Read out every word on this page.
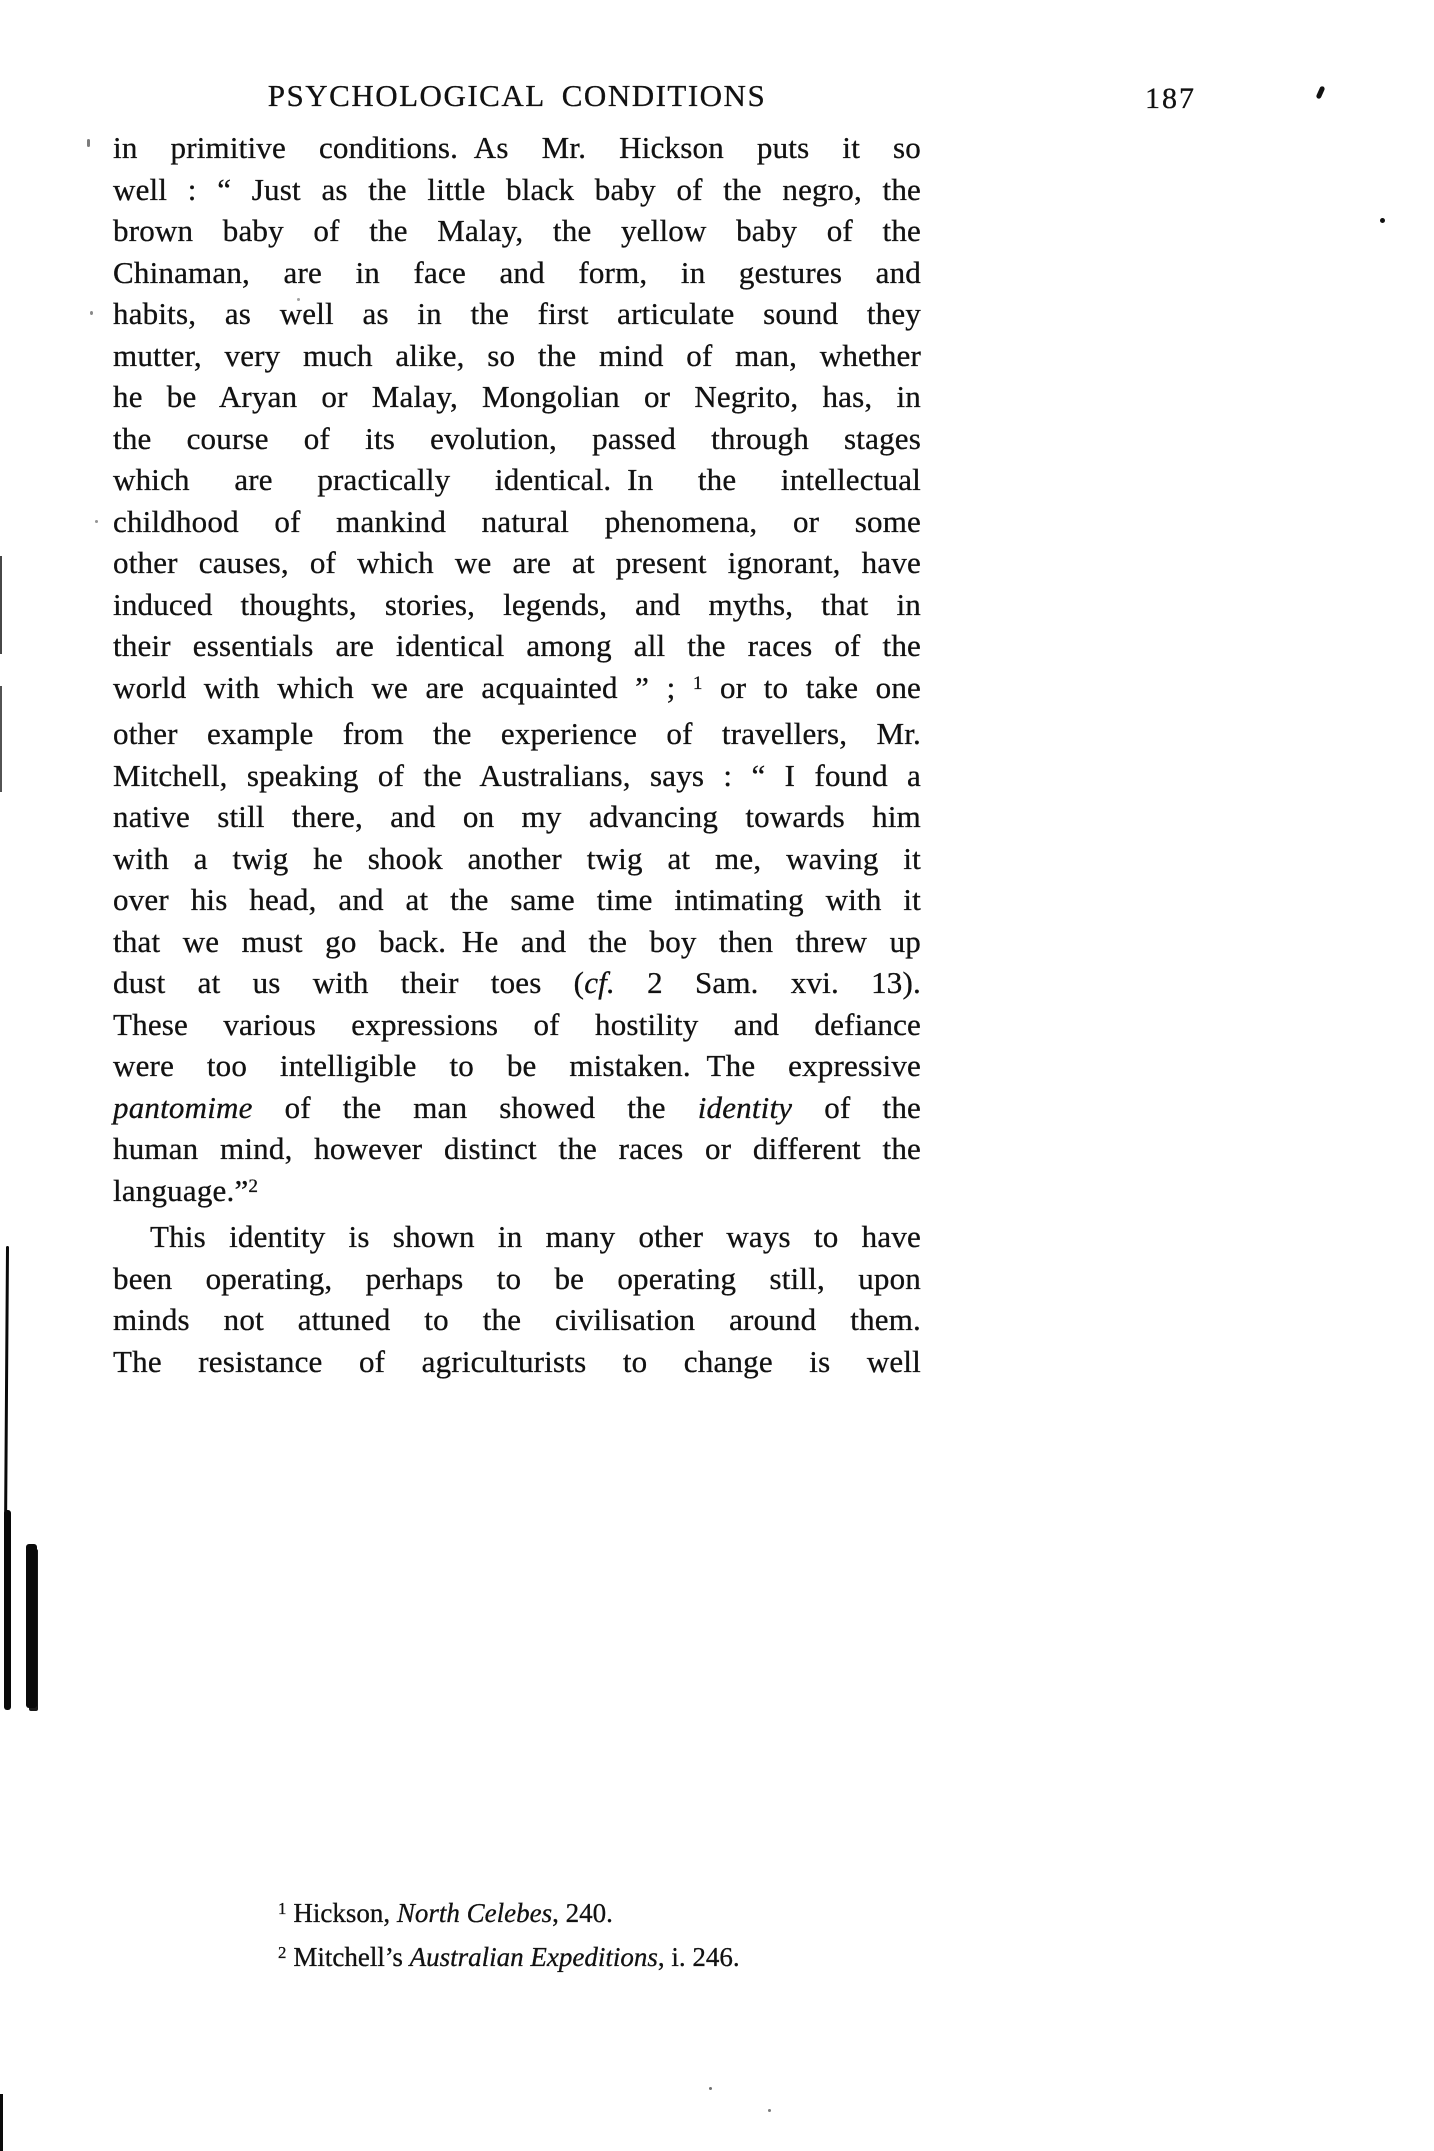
PSYCHOLOGICAL CONDITIONS	187
in primitive conditions. As Mr. Hickson puts it so
well : “ Just as the little black baby of the negro, the
brown baby of the Malay, the yellow baby of the
Chinaman, are in face and form, in gestures and
habits, as well as in the first articulate sound they
mutter, very much alike, so the mind of man, whether
he be Aryan or Malay, Mongolian or Negrito, has, in
the course of its evolution, passed through stages
which are practically identical. In the intellectual
childhood of mankind natural phenomena, or some
other causes, of which we are at present ignorant, have
induced thoughts, stories, legends, and myths, that in
their essentials are identical among all the races of the
world with which we are acquainted ” ; $^1$ or to take one
other example from the experience of travellers, Mr.
Mitchell, speaking of the Australians, says : “ I found a
native still there, and on my advancing towards him
with a twig he shook another twig at me, waving it
over his head, and at the same time intimating with it
that we must go back. He and the boy then threw up
dust at us with their toes (cf. 2 Sam. xvi. 13).
These various expressions of hostility and defiance
were too intelligible to be mistaken. The expressive
pantomime of the man showed the identity of the
human mind, however distinct the races or different the
language.”$^2$
This identity is shown in many other ways to have
been operating, perhaps to be operating still, upon
minds not attuned to the civilisation around them.
The resistance of agriculturists to change is well
$^1$ Hickson, North Celebes, 240.
$^2$ Mitchell’s Australian Expeditions, i. 246.
